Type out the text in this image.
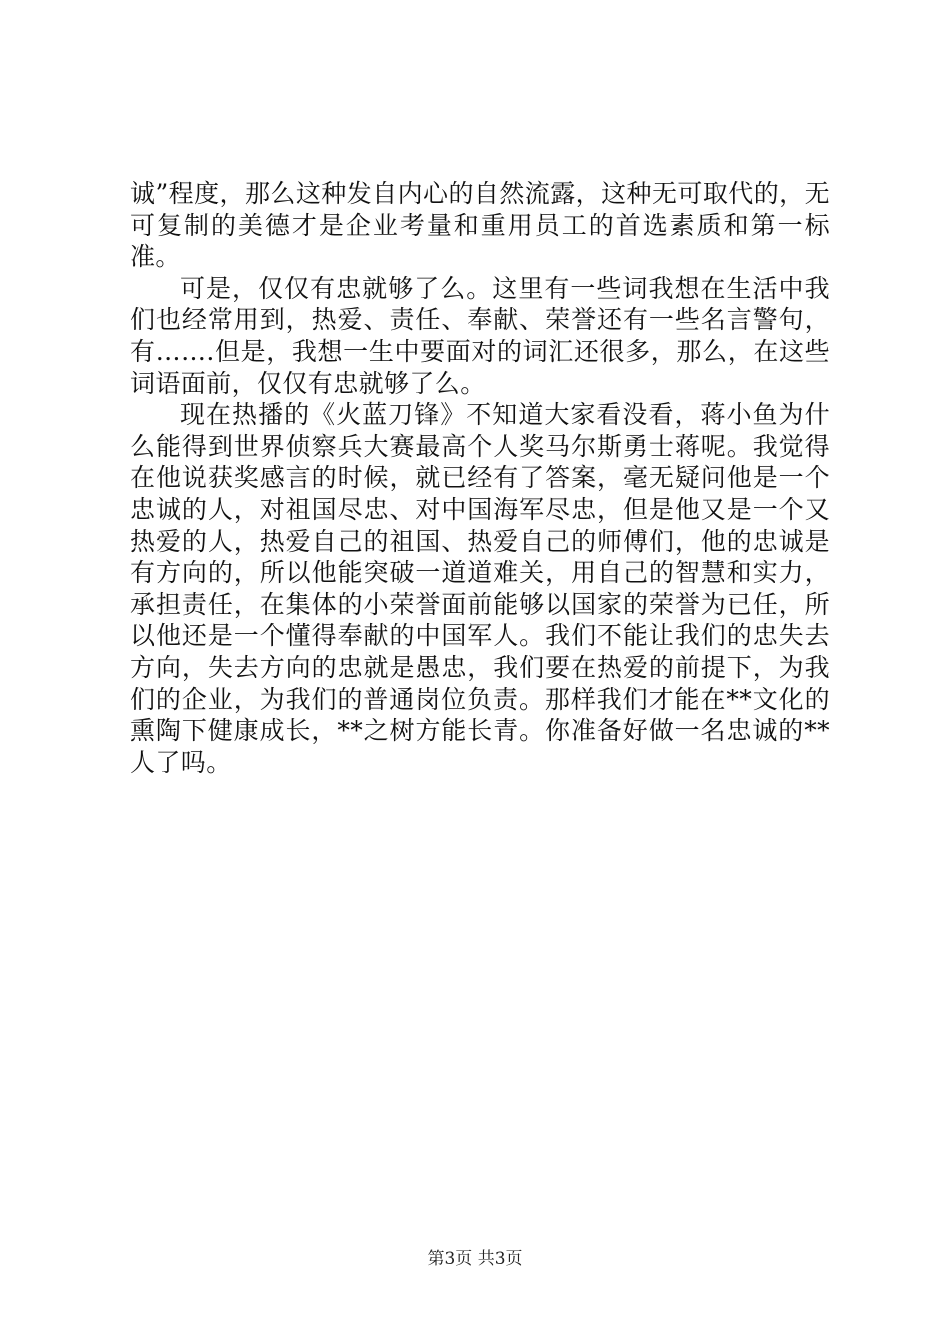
诚”程度，那么这种发自内心的自然流露，这种无可取代的，无可复制的美德才是企业考量和重用员工的首选素质和第一标准。

可是，仅仅有忠就够了么。这里有一些词我想在生活中我们也经常用到，热爱、责任、奉献、荣誉还有一些名言警句，有…….但是，我想一生中要面对的词汇还很多，那么，在这些词语面前，仅仅有忠就够了么。

现在热播的《火蓝刀锋》不知道大家看没看，蒋小鱼为什么能得到世界侦察兵大赛最高个人奖马尔斯勇士蒋呢。我觉得在他说获奖感言的时候，就已经有了答案，毫无疑问他是一个忠诚的人，对祖国尽忠、对中国海军尽忠，但是他又是一个又热爱的人，热爱自己的祖国、热爱自己的师傅们，他的忠诚是有方向的，所以他能突破一道道难关，用自己的智慧和实力，承担责任，在集体的小荣誉面前能够以国家的荣誉为已任，所以他还是一个懂得奉献的中国军人。我们不能让我们的忠失去方向，失去方向的忠就是愚忠，我们要在热爱的前提下，为我们的企业，为我们的普通岗位负责。那样我们才能在**文化的熏陶下健康成长，**之树方能长青。你准备好做一名忠诚的**人了吗。

第3页 共3页
